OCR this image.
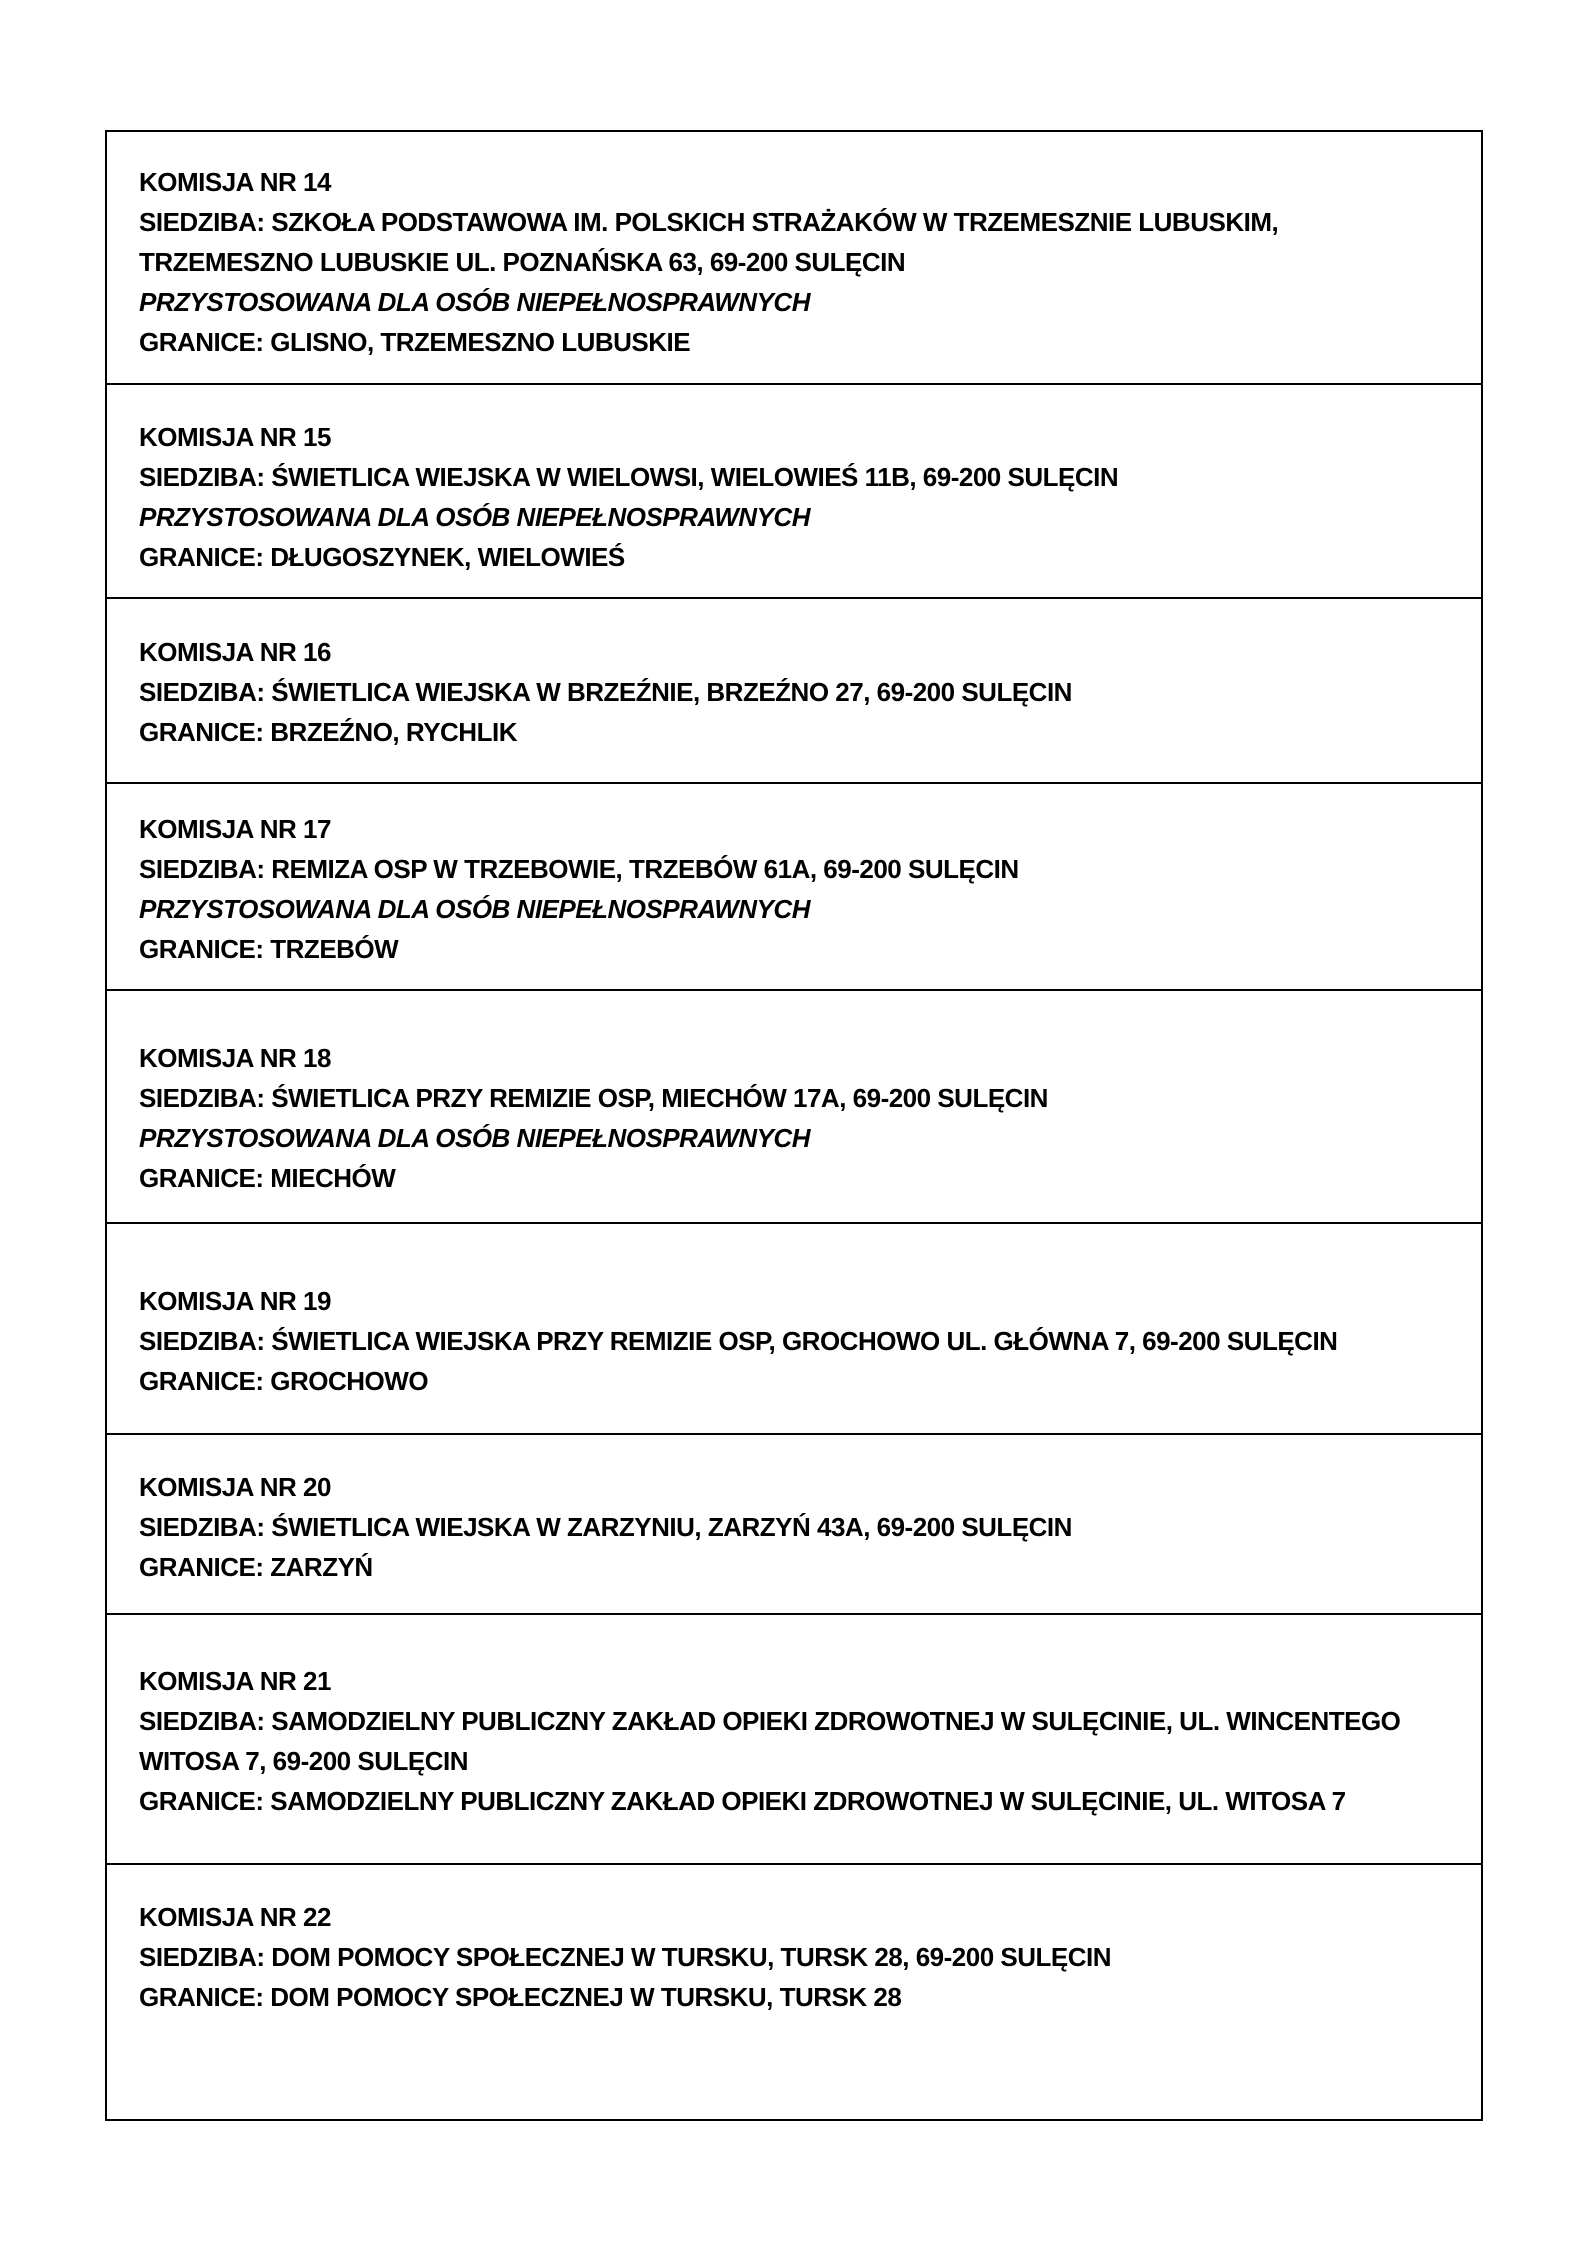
KOMISJA NR 14

SIEDZIBA: SZKOŁA PODSTAWOWA IM. POLSKICH STRAŻAKÓW W TRZEMESZNIE LUBUSKIM, TRZEMESZNO LUBUSKIE UL. POZNAŃSKA 63, 69-200 SULĘCIN

PRZYSTOSOWANA DLA OSÓB NIEPEŁNOSPRAWNYCH

GRANICE: GLISNO, TRZEMESZNO LUBUSKIE

KOMISJA NR 15

SIEDZIBA: ŚWIETLICA WIEJSKA W WIELOWSI, WIELOWIEŚ 11B, 69-200 SULĘCIN

PRZYSTOSOWANA DLA OSÓB NIEPEŁNOSPRAWNYCH

GRANICE: DŁUGOSZYNEK, WIELOWIEŚ

KOMISJA NR 16

SIEDZIBA: ŚWIETLICA WIEJSKA W BRZEŹNIE, BRZEŹNO 27, 69-200 SULĘCIN

GRANICE: BRZEŹNO, RYCHLIK

KOMISJA NR 17

SIEDZIBA: REMIZA OSP W TRZEBOWIE, TRZEBÓW 61A, 69-200 SULĘCIN

PRZYSTOSOWANA DLA OSÓB NIEPEŁNOSPRAWNYCH

GRANICE: TRZEBÓW

KOMISJA NR 18

SIEDZIBA: ŚWIETLICA PRZY REMIZIE OSP, MIECHÓW 17A, 69-200 SULĘCIN

PRZYSTOSOWANA DLA OSÓB NIEPEŁNOSPRAWNYCH

GRANICE: MIECHÓW

KOMISJA NR 19

SIEDZIBA: ŚWIETLICA WIEJSKA PRZY REMIZIE OSP, GROCHOWO UL. GŁÓWNA 7, 69-200 SULĘCIN

GRANICE: GROCHOWO

KOMISJA NR 20

SIEDZIBA: ŚWIETLICA WIEJSKA W ZARZYNIU, ZARZYŃ 43A, 69-200 SULĘCIN

GRANICE: ZARZYŃ

KOMISJA NR 21

SIEDZIBA: SAMODZIELNY PUBLICZNY ZAKŁAD OPIEKI ZDROWOTNEJ W SULĘCINIE, UL. WINCENTEGO WITOSA 7, 69-200 SULĘCIN

GRANICE: SAMODZIELNY PUBLICZNY ZAKŁAD OPIEKI ZDROWOTNEJ W SULĘCINIE, UL. WITOSA 7

KOMISJA NR 22

SIEDZIBA: DOM POMOCY SPOŁECZNEJ W TURSKU, TURSK 28, 69-200 SULĘCIN

GRANICE: DOM POMOCY SPOŁECZNEJ W TURSKU, TURSK 28
